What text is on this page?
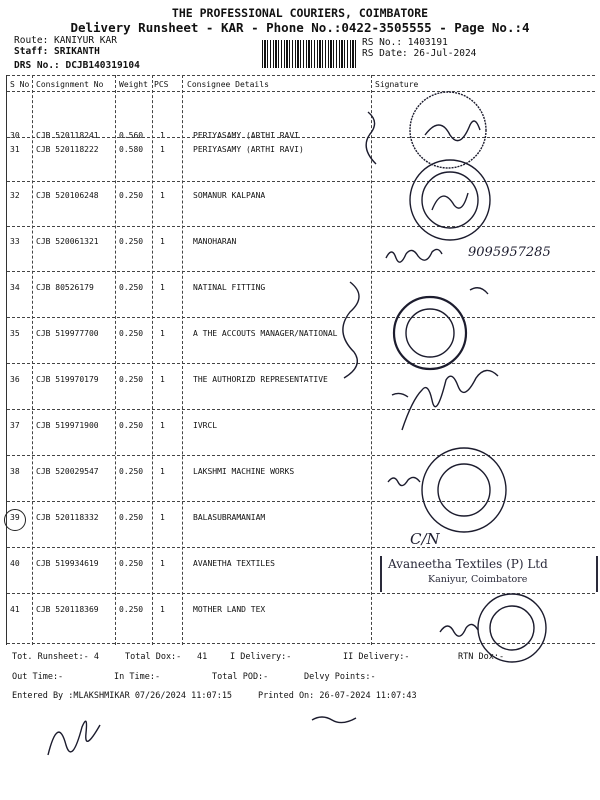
THE PROFESSIONAL COURIERS, COIMBATORE
Delivery Runsheet - KAR - Phone No.:0422-3505555 - Page No.:4
Route: KANIYUR KAR
Staff: SRIKANTH
DRS No.: DCJB140319104
RS No.: 1403191
RS Date: 26-Jul-2024
S No Consignment No Weight PCS Consignee Details	Signature
30 CJB 520118241	0.560 1	PERIYASAMY (ARTHI RAVI
31 CJB 520118222	0.580 1	PERIYASAMY (ARTHI RAVI)
32 CJB 520106248	0.250 1	SOMANUR KALPANA
33 CJB 520061321	0.250 1	MANOHARAN
34 CJB 80526179	0.250 1	NATINAL FITTING
35 CJB 519977700	0.250 1	A THE ACCOUTS MANAGER/NATIONAL
36 CJB 519970179	0.250 1	THE AUTHORIZD REPRESENTATIVE
37 CJB 519971900	0.250 1	IVRCL
38 CJB 520029547	0.250 1	LAKSHMI MACHINE WORKS
39 CJB 520118332	0.250 1	BALASUBRAMANIAM
40 CJB 519934619	0.250 1	AVANETHA TEXTILES
41 CJB 520118369	0.250 1	MOTHER LAND TEX
9095957285
C/N
Avaneetha Textiles (P) Ltd
Kaniyur, Coimbatore
Tot. Runsheet:- 4	Total Dox:- 41	I Delivery:-	II Delivery:-	RTN Dox:-
Out Time:-	In Time:-	Total POD:-	Delvy Points:-
Entered By :MLAKSHMIKAR 07/26/2024 11:07:15	Printed On: 26-07-2024 11:07:43
